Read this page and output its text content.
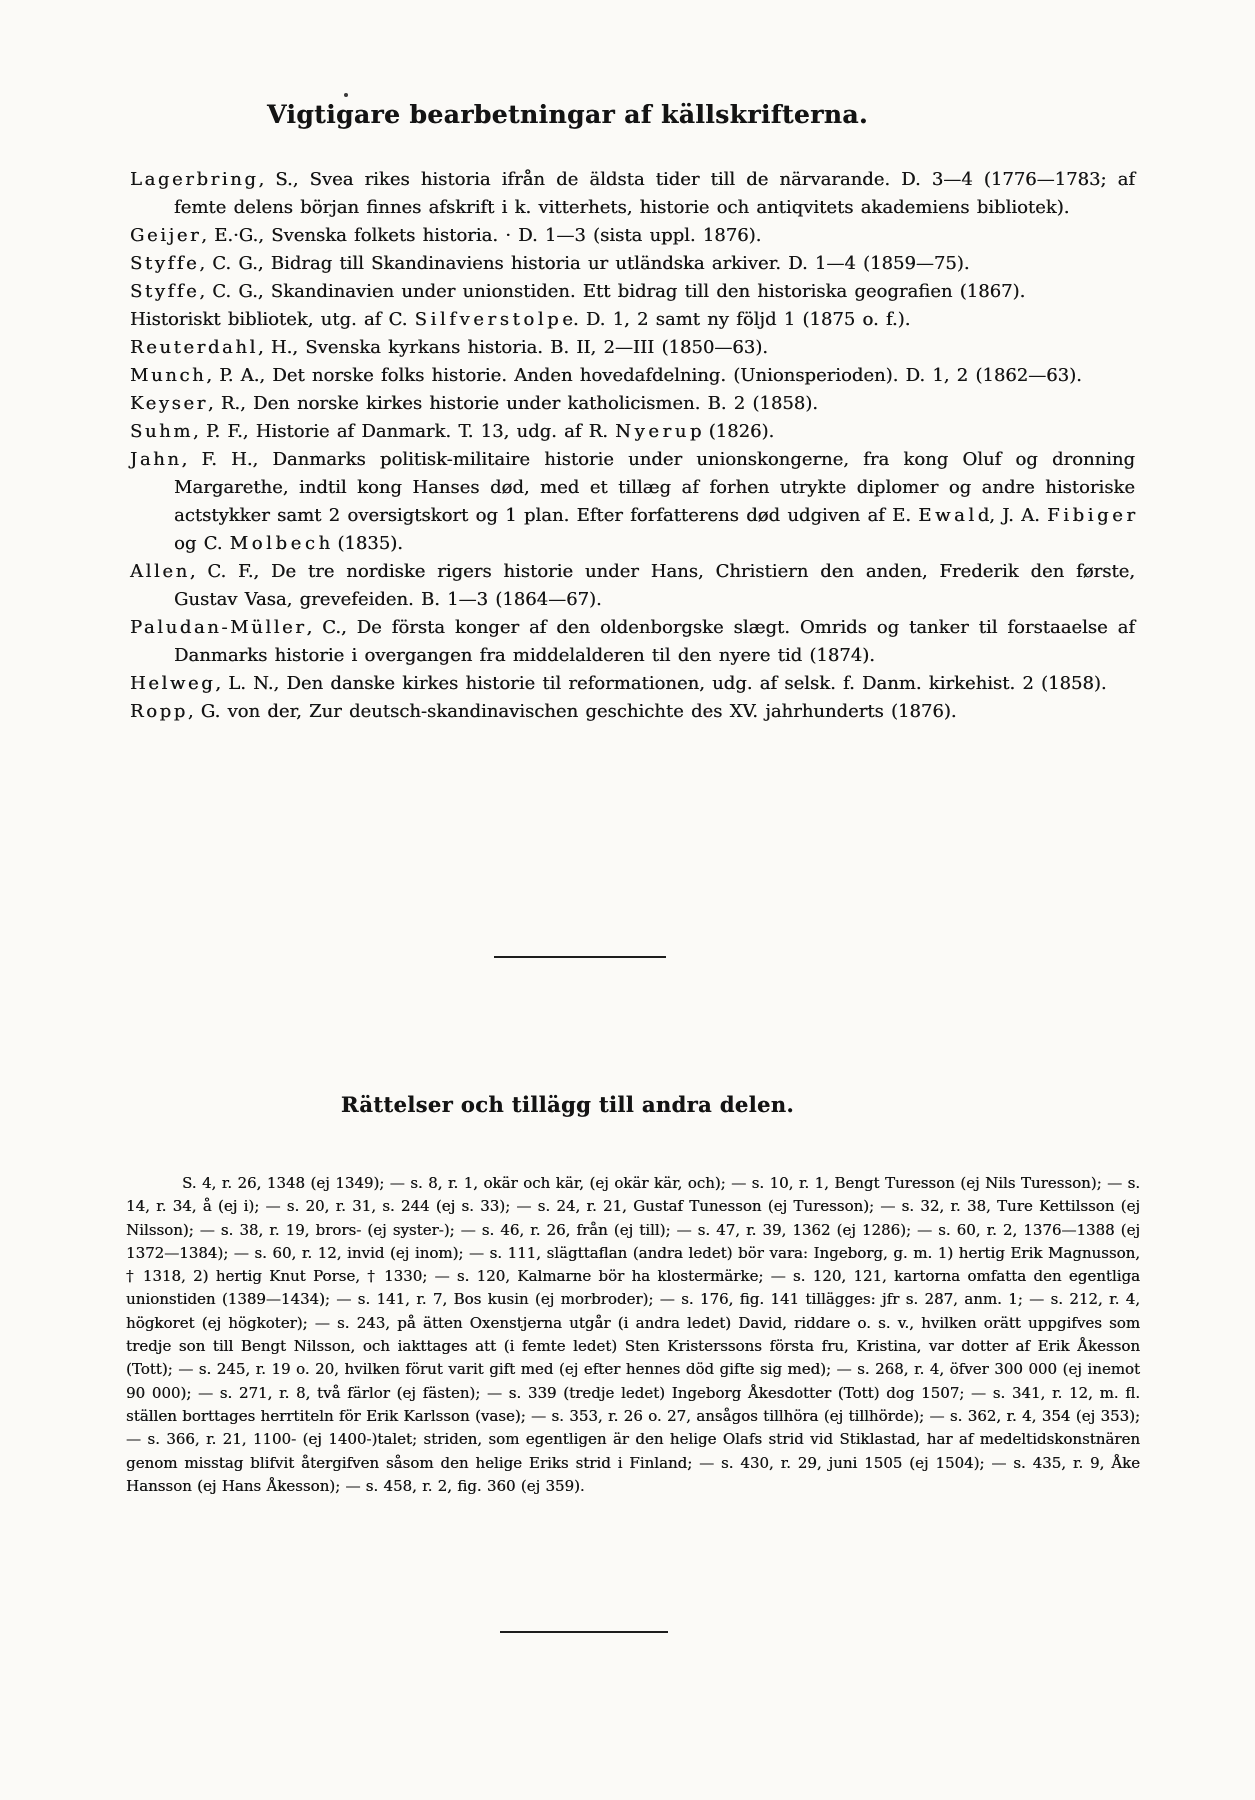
Vigtigare bearbetningar af källskrifterna.
Lagerbring, S., Svea rikes historia ifrån de äldsta tider till de närvarande. D. 3—4 (1776—1783; af femte delens början finnes afskrift i k. vitterhets, historie och antiqvitets akademiens bibliotek).
Geijer, E.·G., Svenska folkets historia. · D. 1—3 (sista uppl. 1876).
Styffe, C. G., Bidrag till Skandinaviens historia ur utländska arkiver. D. 1—4 (1859—75).
Styffe, C. G., Skandinavien under unionstiden. Ett bidrag till den historiska geografien (1867).
Historiskt bibliotek, utg. af C. S i l f v e r s t o l p e. D. 1, 2 samt ny följd 1 (1875 o. f.).
Reuterdahl, H., Svenska kyrkans historia. B. II, 2—III (1850—63).
Munch, P. A., Det norske folks historie. Anden hovedafdelning. (Unionsperioden). D. 1, 2 (1862—63).
Keyser, R., Den norske kirkes historie under katholicismen. B. 2 (1858).
Suhm, P. F., Historie af Danmark. T. 13, udg. af R. N y e r u p (1826).
Jahn, F. H., Danmarks politisk-militaire historie under unionskongerne, fra kong Oluf og dronning Margarethe, indtil kong Hanses død, med et tillæg af forhen utrykte diplomer og andre historiske actstykker samt 2 oversigtskort og 1 plan. Efter forfatterens død udgiven af E. E w a l d, J. A. F i b i g e r og C. M o l b e c h (1835).
Allen, C. F., De tre nordiske rigers historie under Hans, Christiern den anden, Frederik den første, Gustav Vasa, grevefeiden. B. 1—3 (1864—67).
Paludan-Müller, C., De första konger af den oldenborgske slægt. Omrids og tanker til forstaaelse af Danmarks historie i overgangen fra middelalderen til den nyere tid (1874).
Helweg, L. N., Den danske kirkes historie til reformationen, udg. af selsk. f. Danm. kirkehist. 2 (1858).
Ropp, G. von der, Zur deutsch-skandinavischen geschichte des XV. jahrhunderts (1876).
Rättelser och tillägg till andra delen.

S. 4, r. 26, 1348 (ej 1349); — s. 8, r. 1, okär och kär, (ej okär kär, och); — s. 10, r. 1, Bengt Turesson (ej Nils Turesson); — s. 14, r. 34, å (ej i); — s. 20, r. 31, s. 244 (ej s. 33); — s. 24, r. 21, Gustaf Tunesson (ej Turesson); — s. 32, r. 38, Ture Kettilsson (ej Nilsson); — s. 38, r. 19, brors- (ej syster-); — s. 46, r. 26, från (ej till); — s. 47, r. 39, 1362 (ej 1286); — s. 60, r. 2, 1376—1388 (ej 1372—1384); — s. 60, r. 12, invid (ej inom); — s. 111, slägttaflan (andra ledet) bör vara: Ingeborg, g. m. 1) hertig Erik Magnusson, † 1318, 2) hertig Knut Porse, † 1330; — s. 120, Kalmarne bör ha klostermärke; — s. 120, 121, kartorna omfatta den egentliga unionstiden (1389—1434); — s. 141, r. 7, Bos kusin (ej morbroder); — s. 176, fig. 141 tillägges: jfr s. 287, anm. 1; — s. 212, r. 4, högkoret (ej högkoter); — s. 243, på ätten Oxenstjerna utgår (i andra ledet) David, riddare o. s. v., hvilken orätt uppgifves som tredje son till Bengt Nilsson, och iakttages att (i femte ledet) Sten Kristerssons första fru, Kristina, var dotter af Erik Åkesson (Tott); — s. 245, r. 19 o. 20, hvilken förut varit gift med (ej efter hennes död gifte sig med); — s. 268, r. 4, öfver 300 000 (ej inemot 90 000); — s. 271, r. 8, två färlor (ej fästen); — s. 339 (tredje ledet) Ingeborg Åkesdotter (Tott) dog 1507; — s. 341, r. 12, m. fl. ställen borttages herrtiteln för Erik Karlsson (vase); — s. 353, r. 26 o. 27, ansågos tillhöra (ej tillhörde); — s. 362, r. 4, 354 (ej 353); — s. 366, r. 21, 1100- (ej 1400-)talet; striden, som egentligen är den helige Olafs strid vid Stiklastad, har af medeltidskonstnären genom misstag blifvit återgifven såsom den helige Eriks strid i Finland; — s. 430, r. 29, juni 1505 (ej 1504); — s. 435, r. 9, Åke Hansson (ej Hans Åkesson); — s. 458, r. 2, fig. 360 (ej 359).
